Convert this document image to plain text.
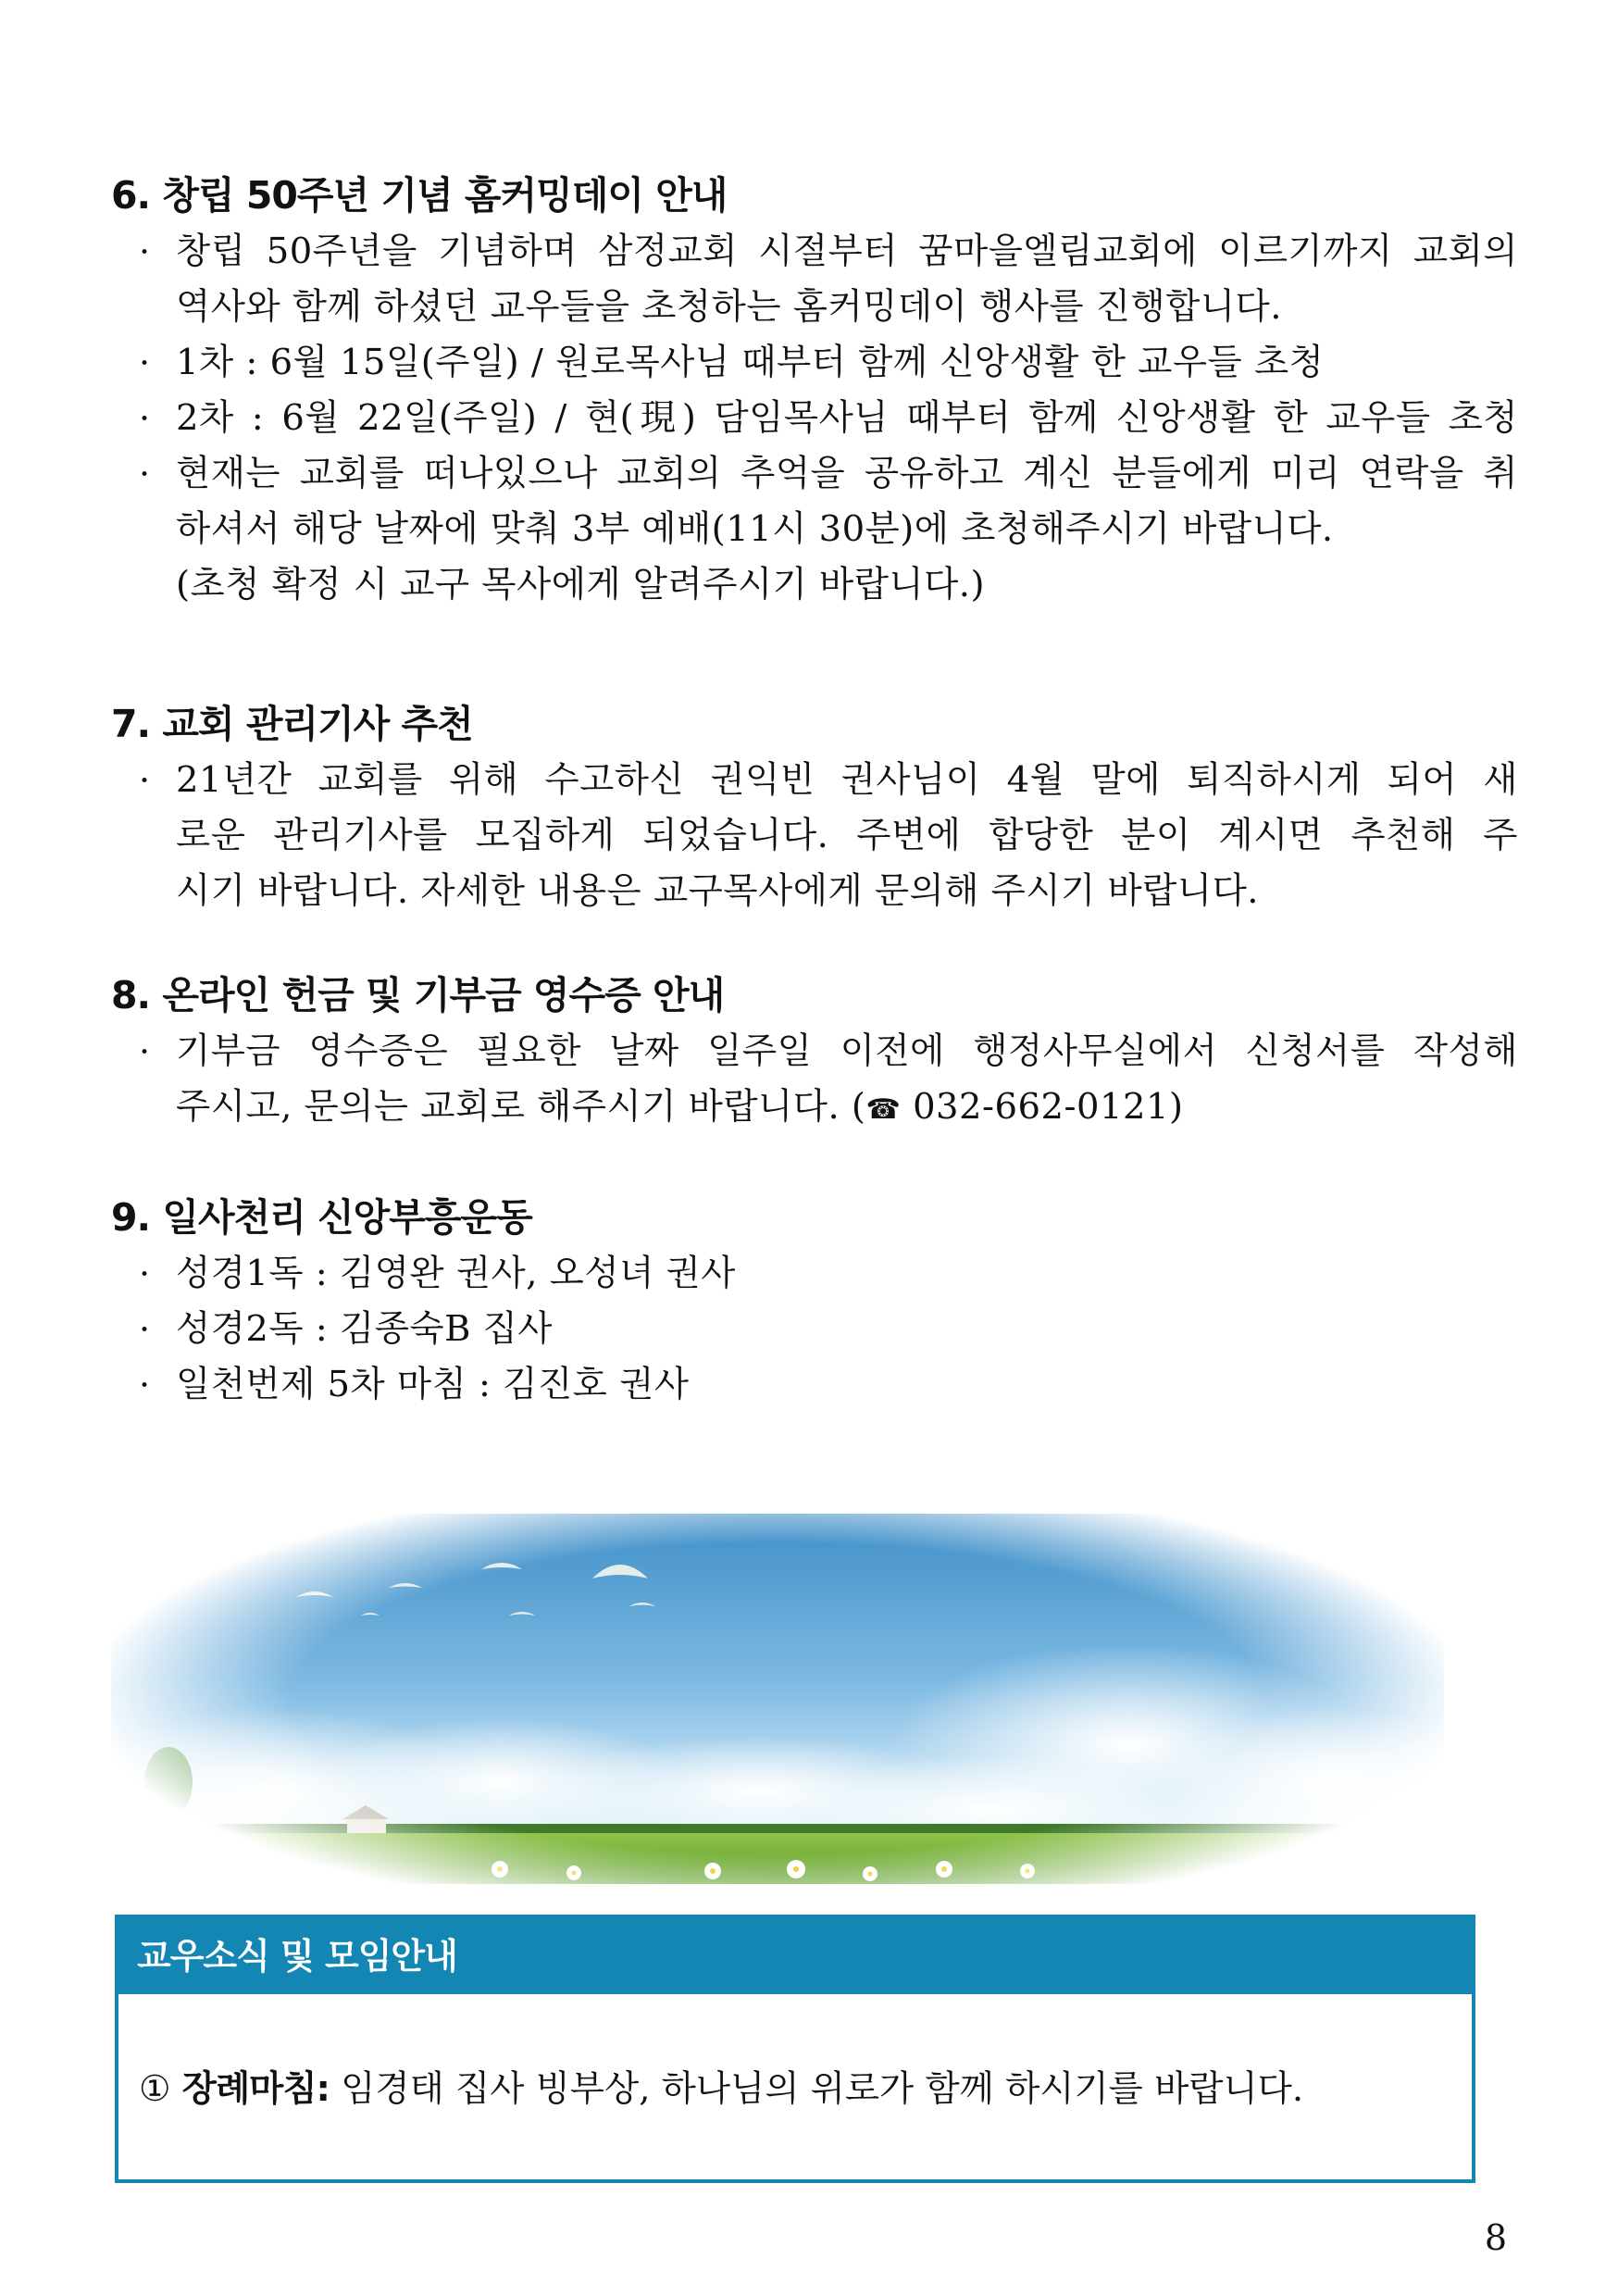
6. 창립 50주년 기념 홈커밍데이 안내
· 창립 50주년을 기념하며 삼정교회 시절부터 꿈마을엘림교회에 이르기까지 교회의
역사와 함께 하셨던 교우들을 초청하는 홈커밍데이 행사를 진행합니다.
· 1차 : 6월 15일(주일) / 원로목사님 때부터 함께 신앙생활 한 교우들 초청
· 2차 : 6월 22일(주일) / 현(現) 담임목사님 때부터 함께 신앙생활 한 교우들 초청
· 현재는 교회를 떠나있으나 교회의 추억을 공유하고 계신 분들에게 미리 연락을 취
하셔서 해당 날짜에 맞춰 3부 예배(11시 30분)에 초청해주시기 바랍니다.
(초청 확정 시 교구 목사에게 알려주시기 바랍니다.)
7. 교회 관리기사 추천
· 21년간 교회를 위해 수고하신 권익빈 권사님이 4월 말에 퇴직하시게 되어 새
로운 관리기사를 모집하게 되었습니다. 주변에 합당한 분이 계시면 추천해 주
시기 바랍니다. 자세한 내용은 교구목사에게 문의해 주시기 바랍니다.
8. 온라인 헌금 및 기부금 영수증 안내
· 기부금 영수증은 필요한 날짜 일주일 이전에 행정사무실에서 신청서를 작성해
주시고, 문의는 교회로 해주시기 바랍니다. (☎ 032-662-0121)
9. 일사천리 신앙부흥운동
· 성경1독 : 김영완 권사, 오성녀 권사
· 성경2독 : 김종숙B 집사
· 일천번제 5차 마침 : 김진호 권사
교우소식 및 모임안내
① 장례마침: 임경태 집사 빙부상, 하나님의 위로가 함께 하시기를 바랍니다.
8
